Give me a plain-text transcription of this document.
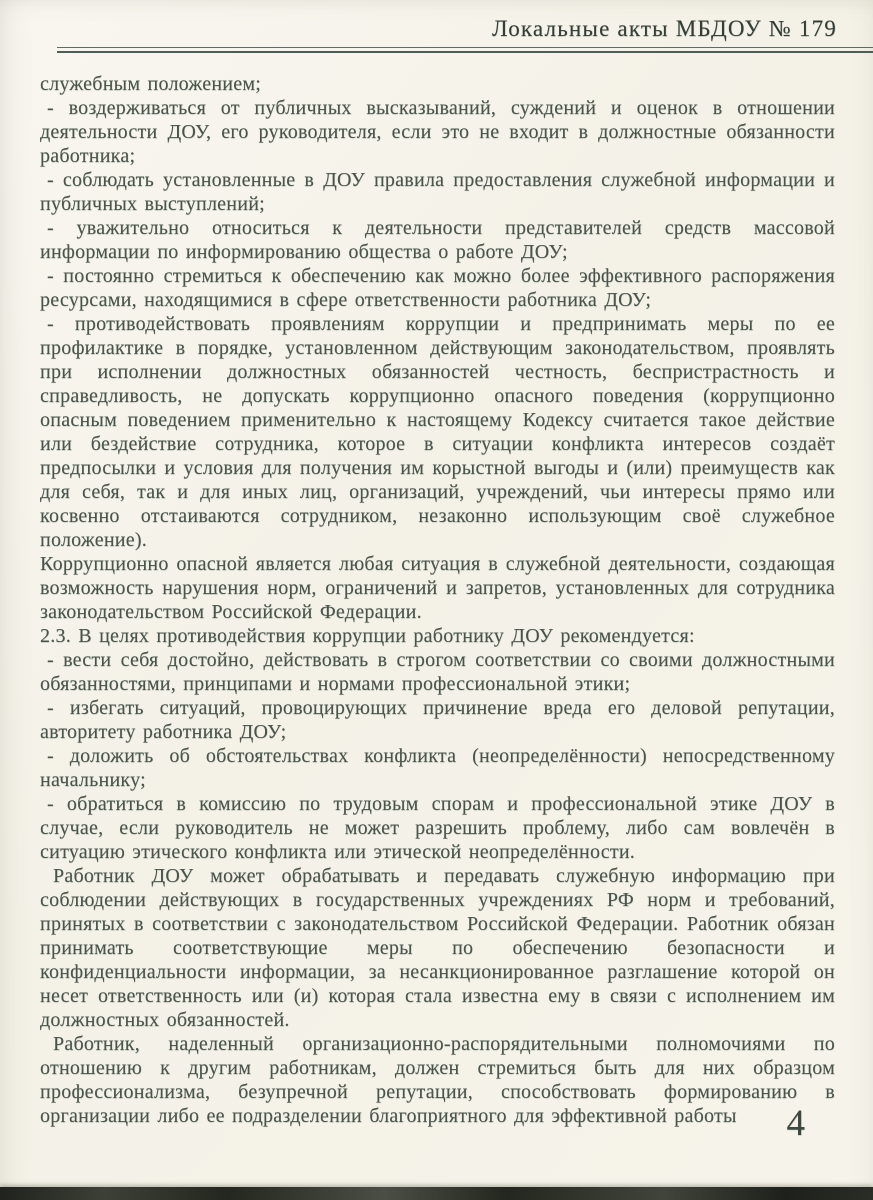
Локальные акты МБДОУ № 179

служебным положением;

- воздерживаться от публичных высказываний, суждений и оценок в отношении деятельности ДОУ, его руководителя, если это не входит в должностные обязанности работника;

- соблюдать установленные в ДОУ правила предоставления служебной информации и публичных выступлений;

- уважительно относиться к деятельности представителей средств массовой информации по информированию общества о работе ДОУ;

- постоянно стремиться к обеспечению как можно более эффективного распоряжения ресурсами, находящимися в сфере ответственности работника ДОУ;

- противодействовать проявлениям коррупции и предпринимать меры по ее профилактике в порядке, установленном действующим законодательством, проявлять при исполнении должностных обязанностей честность, беспристрастность и справедливость, не допускать коррупционно опасного поведения (коррупционно опасным поведением применительно к настоящему Кодексу считается такое действие или бездействие сотрудника, которое в ситуации конфликта интересов создаёт предпосылки и условия для получения им корыстной выгоды и (или) преимуществ как для себя, так и для иных лиц, организаций, учреждений, чьи интересы прямо или косвенно отстаиваются сотрудником, незаконно использующим своё служебное положение).

Коррупционно опасной является любая ситуация в служебной деятельности, создающая возможность нарушения норм, ограничений и запретов, установленных для сотрудника законодательством Российской Федерации.

2.3. В целях противодействия коррупции работнику ДОУ рекомендуется:

- вести себя достойно, действовать в строгом соответствии со своими должностными обязанностями, принципами и нормами профессиональной этики;

- избегать ситуаций, провоцирующих причинение вреда его деловой репутации, авторитету работника ДОУ;

- доложить об обстоятельствах конфликта (неопределённости) непосредственному начальнику;

- обратиться в комиссию по трудовым спорам и профессиональной этике ДОУ в случае, если руководитель не может разрешить проблему, либо сам вовлечён в ситуацию этического конфликта или этической неопределённости.

Работник ДОУ может обрабатывать и передавать служебную информацию при соблюдении действующих в государственных учреждениях РФ норм и требований, принятых в соответствии с законодательством Российской Федерации. Работник обязан принимать соответствующие меры по обеспечению безопасности и конфиденциальности информации, за несанкционированное разглашение которой он несет ответственность или (и) которая стала известна ему в связи с исполнением им должностных обязанностей.

Работник, наделенный организационно-распорядительными полномочиями по отношению к другим работникам, должен стремиться быть для них образцом профессионализма, безупречной репутации, способствовать формированию в организации либо ее подразделении благоприятного для эффективной работы	4
